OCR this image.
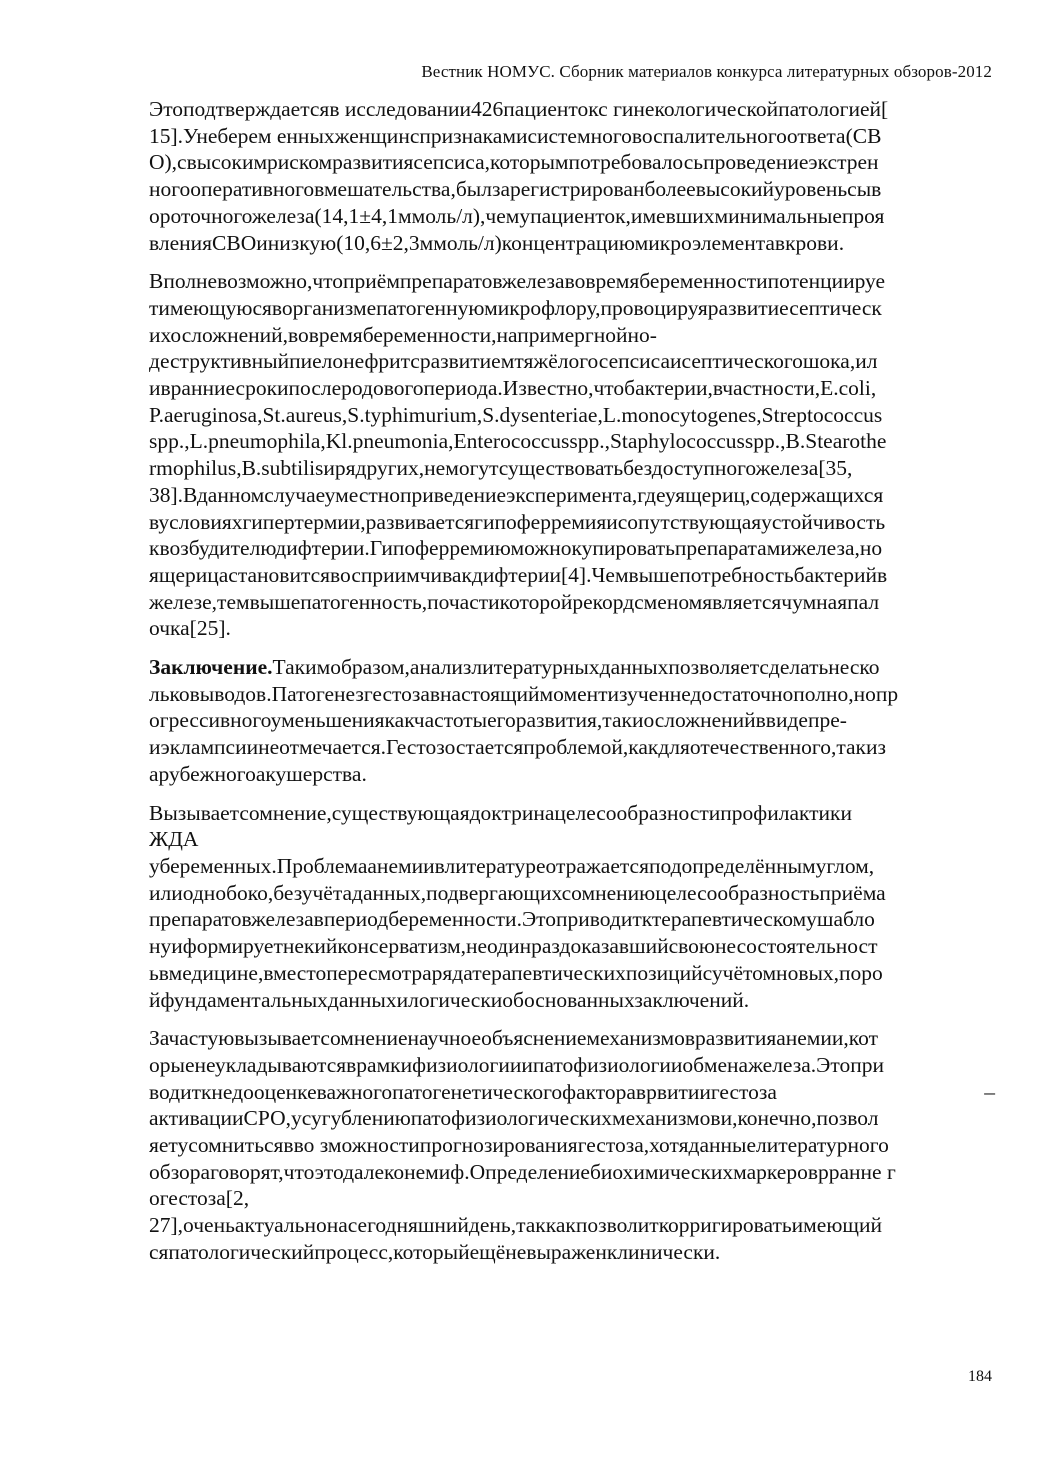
Вестник НОМУС. Сборник материалов конкурса литературных обзоров-2012
Этоподтверждаетсяв исследовании426пациентокс гинекологическойпатологией[
15].Унеберем енныхженщинспризнакамисистемноговоспалительногоответа(СВ
О),свысокимрискомразвитиясепсиса,которымпотребовалосьпроведениеэкстрен
ногооперативноговмешательства,былзарегистрированболеевысокийуровеньсыв
ороточногожелеза(14,1±4,1ммоль/л),чемупациенток,имевшихминимальныепроя
вленияСВОинизкую(10,6±2,3ммоль/л)концентрациюмикроэлементавкрови.
Вполневозможно,чтоприёмпрепаратовжелезавовремябеременностипотенциируе
тимеющуюсяворганизмепатогеннуюмикрофлору,провоцируяразвитиесептическ
ихосложнений,вовремябеременности,напримергнойно-
деструктивныйпиелонефритсразвитиемтяжёлогосепсисаисептическогошока,ил
ивранниесрокипослеродовогопериода.Известно,чтобактерии,вчастности,E.coli,
P.aeruginosa,St.aureus,S.typhimurium,S.dysenteriae,L.monocytogenes,Streptococcus
spp.,L.pneumophila,Kl.pneumonia,Enterococcusspp.,Staphylococcusspp.,B.Stearothe
rmophilus,B.subtilisирядругих,немогутсуществоватьбездоступногожелеза[35,
38].Вданномслучаеуместноприведениеэксперимента,гдеуящериц,содержащихся
вусловияхгипертермии,развиваетсягипоферремияисопутствующаяустойчивость
квозбудителюдифтерии.Гипоферремиюможнокупироватьпрепаратамижелеза,но
ящерицастановитсявосприимчивакдифтерии[4].Чемвышепотребностьбактерийв
железе,темвышепатогенность,почастикоторойрекордсменомявляетсячумнаяпал
очка[25].
Заключение.Такимобразом,анализлитературныхданныхпозволяетсделатьнеско
льковыводов.Патогенезгестозавнастоящиймоментизученнедостаточнополно,нопр
огрессивногоуменьшениякакчастотыегоразвития,такиосложненийввидепре-
иэклампсиинеотмечается.Гестозостаетсяпроблемой,какдляотечественного,такиз
арубежногоакушерства.
Вызываетсомнение,существующаядоктринацелесообразностипрофилактики
ЖДА
убеременных.Проблемаанемиивлитературеотражаетсяподопределённымуглом,
илиоднобоко,безучётаданных,подвергающихсомнениюцелесообразностьприёма
препаратовжелезавпериодбеременности.Этоприводитктерапевтическомушабло
нуиформируетнекийконсерватизм,неодинраздоказавшийсвоюнесостоятельност
ьвмедицине,вместопересмотрарядатерапевтическихпозицийсучётомновых,поро
йфундаментальныхданныхилогическиобоснованныхзаключений.
Зачастуювызываетсомнениенаучноеобъяснениемеханизмовразвитияанемии,кот
орыенеукладываютсяврамкифизиологииипатофизиологииобменажелеза.Этопри
водиткнедооценкеважногопатогенетическогофактораврвитиигестоза	–
активацииСРО,усугублениюпатофизиологическихмеханизмови,конечно,позвол
яетусомнитьсявво зможностипрогнозированиягестоза,хотяданныелитературного
обзораговорят,чтоэтодалеконемиф.Определениебиохимическихмаркероврранне г
огестоза[2,
27],оченьактуальнонасегодняшнийдень,таккакпозволиткорригироватьимеющий
сяпатологическийпроцесс,которыйещёневыраженклинически.
184
